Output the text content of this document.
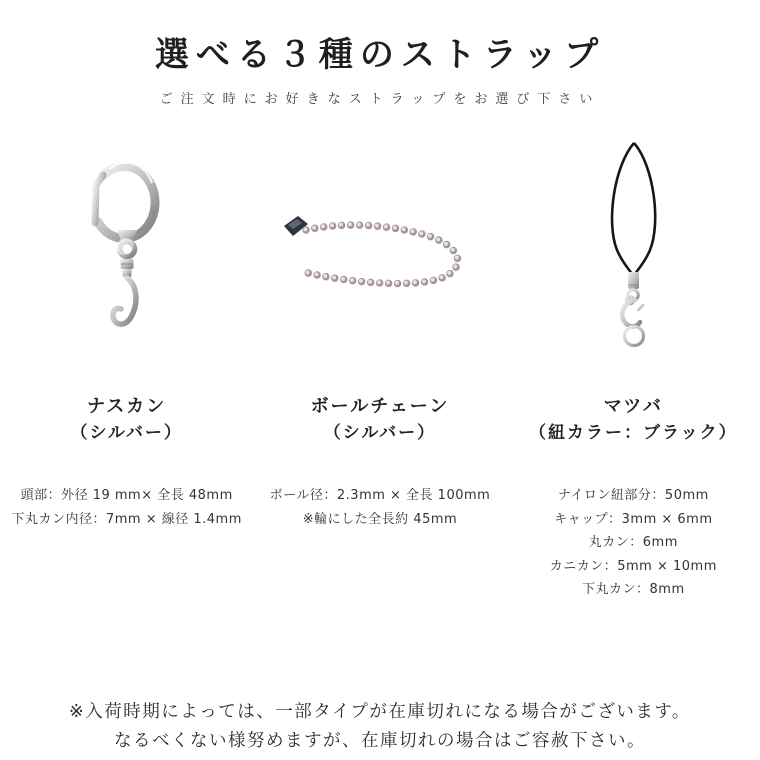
選べる３種のストラップ
ご注文時にお好きなストラップをお選び下さい
ナスカン
（シルバー）
ボールチェーン
（シルバー）
マツバ
（紐カラー：ブラック）
頭部：外径 19 mm× 全長 48mm
下丸カン内径：7mm × 線径 1.4mm
ボール径：2.3mm × 全長 100mm
※輪にした全長約 45mm
ナイロン紐部分：50mm
キャップ：3mm × 6mm
丸カン：6mm
カニカン：5mm × 10mm
下丸カン：8mm
※入荷時期によっては、一部タイプが在庫切れになる場合がございます。
なるべくない様努めますが、在庫切れの場合はご容赦下さい。
